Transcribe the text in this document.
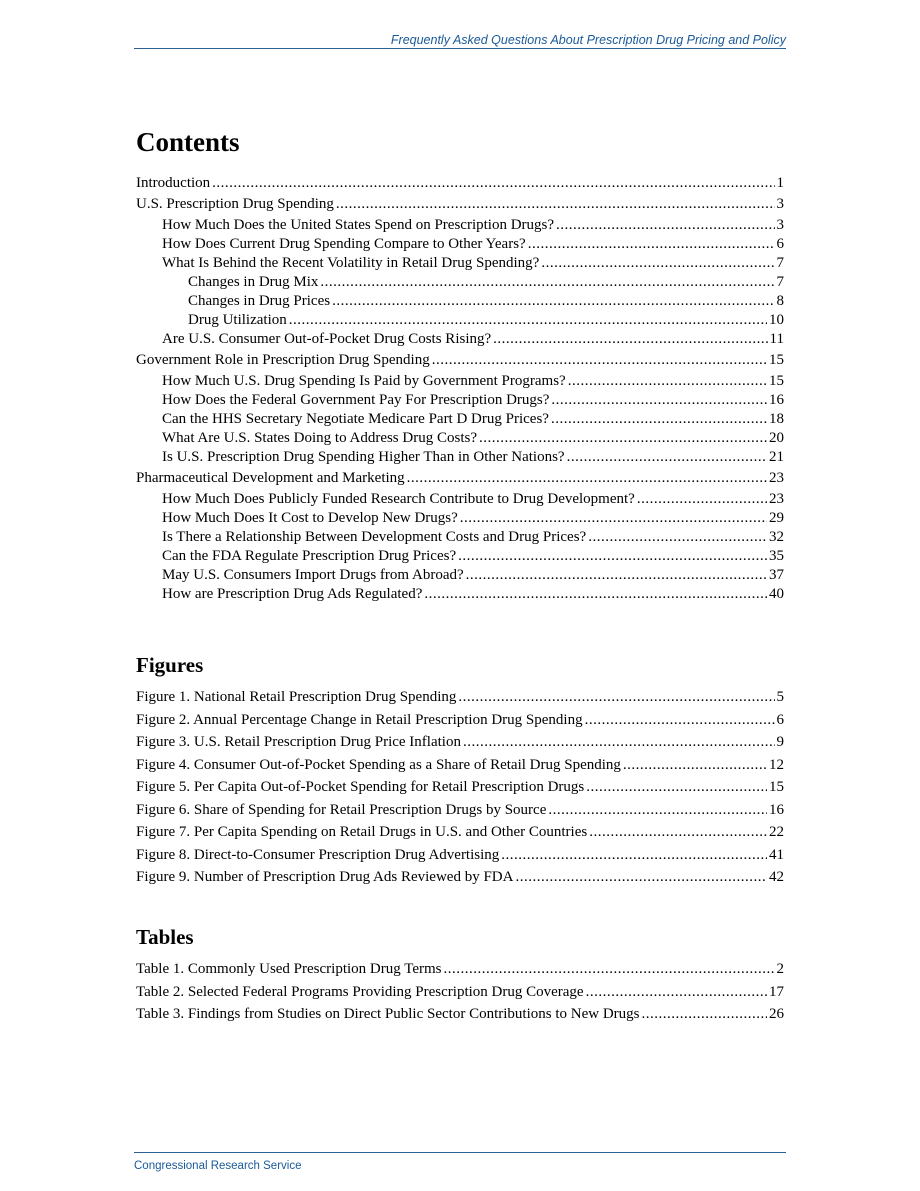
Frequently Asked Questions About Prescription Drug Pricing and Policy
Contents
Introduction .....	1
U.S. Prescription Drug Spending .....	3
How Much Does the United States Spend on Prescription Drugs? .....	3
How Does Current Drug Spending Compare to Other Years? .....	6
What Is Behind the Recent Volatility in Retail Drug Spending? .....	7
Changes in Drug Mix .....	7
Changes in Drug Prices .....	8
Drug Utilization .....	10
Are U.S. Consumer Out-of-Pocket Drug Costs Rising? .....	11
Government Role in Prescription Drug Spending .....	15
How Much U.S. Drug Spending Is Paid by Government Programs? .....	15
How Does the Federal Government Pay For Prescription Drugs? .....	16
Can the HHS Secretary Negotiate Medicare Part D Drug Prices? .....	18
What Are U.S. States Doing to Address Drug Costs? .....	20
Is U.S. Prescription Drug Spending Higher Than in Other Nations? .....	21
Pharmaceutical Development and Marketing .....	23
How Much Does Publicly Funded Research Contribute to Drug Development? .....	23
How Much Does It Cost to Develop New Drugs? .....	29
Is There a Relationship Between Development Costs and Drug Prices? .....	32
Can the FDA Regulate Prescription Drug Prices? .....	35
May U.S. Consumers Import Drugs from Abroad? .....	37
How are Prescription Drug Ads Regulated? .....	40
Figures
Figure 1. National Retail Prescription Drug Spending .....	5
Figure 2. Annual Percentage Change in Retail Prescription Drug Spending .....	6
Figure 3. U.S. Retail Prescription Drug Price Inflation .....	9
Figure 4. Consumer Out-of-Pocket Spending as a Share of Retail Drug Spending .....	12
Figure 5. Per Capita Out-of-Pocket Spending for Retail Prescription Drugs .....	15
Figure 6. Share of Spending for Retail Prescription Drugs by Source .....	16
Figure 7. Per Capita Spending on Retail Drugs in U.S. and Other Countries .....	22
Figure 8. Direct-to-Consumer Prescription Drug Advertising .....	41
Figure 9. Number of Prescription Drug Ads Reviewed by FDA .....	42
Tables
Table 1. Commonly Used Prescription Drug Terms .....	2
Table 2. Selected Federal Programs Providing Prescription Drug Coverage .....	17
Table 3. Findings from Studies on Direct Public Sector Contributions to New Drugs .....	26
Congressional Research Service
